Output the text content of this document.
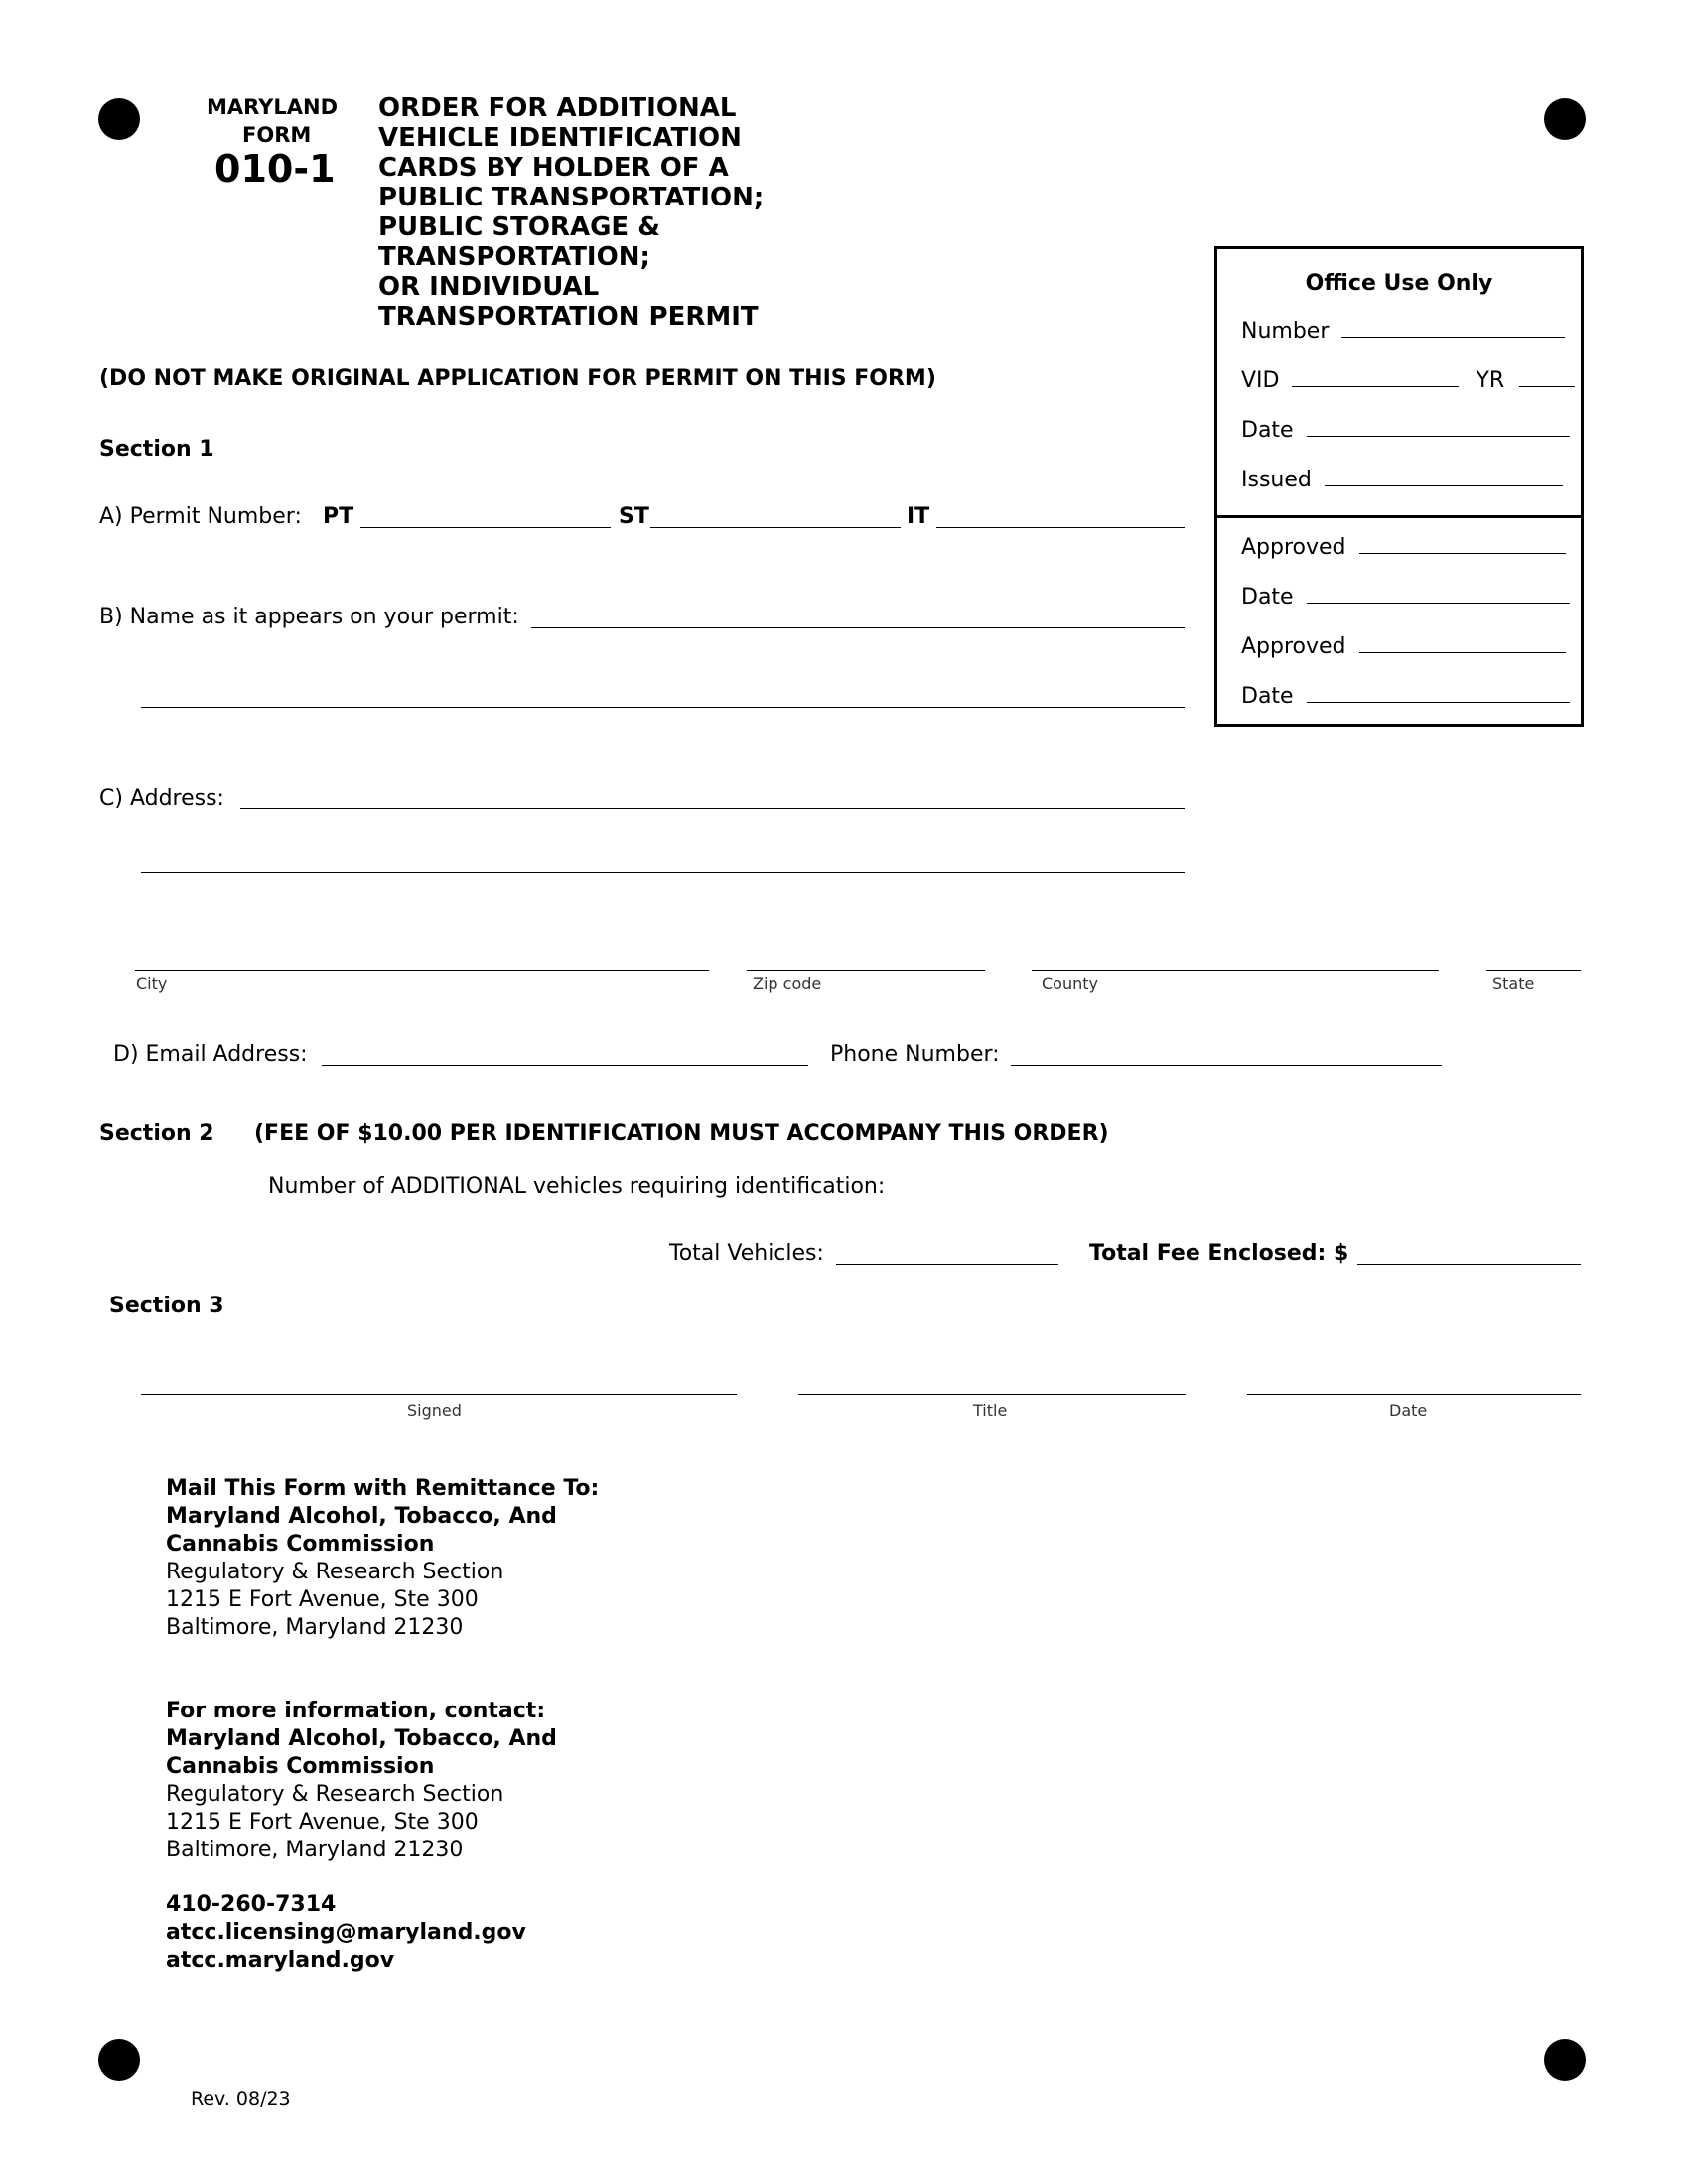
MARYLAND
FORM
010-1
ORDER FOR ADDITIONAL
VEHICLE IDENTIFICATION
CARDS BY HOLDER OF A
PUBLIC TRANSPORTATION;
PUBLIC STORAGE &
TRANSPORTATION;
OR INDIVIDUAL
TRANSPORTATION PERMIT
(DO NOT MAKE ORIGINAL APPLICATION FOR PERMIT ON THIS FORM)
Office Use Only
Number
VID	YR
Date
Issued
Approved
Date
Approved
Date
Section 1
A) Permit Number: PT	ST	IT
B) Name as it appears on your permit:
C) Address:
City	Zip code	County	State
D) Email Address:	Phone Number:
Section 2 (FEE OF $10.00 PER IDENTIFICATION MUST ACCOMPANY THIS ORDER)
Number of ADDITIONAL vehicles requiring identification:
Total Vehicles:	Total Fee Enclosed: $
Section 3
Signed	Title	Date
Mail This Form with Remittance To:
Maryland Alcohol, Tobacco, And
Cannabis Commission
Regulatory & Research Section
1215 E Fort Avenue, Ste 300
Baltimore, Maryland 21230
For more information, contact:
Maryland Alcohol, Tobacco, And
Cannabis Commission
Regulatory & Research Section
1215 E Fort Avenue, Ste 300
Baltimore, Maryland 21230
410-260-7314
atcc.licensing@maryland.gov
atcc.maryland.gov
Rev. 08/23
